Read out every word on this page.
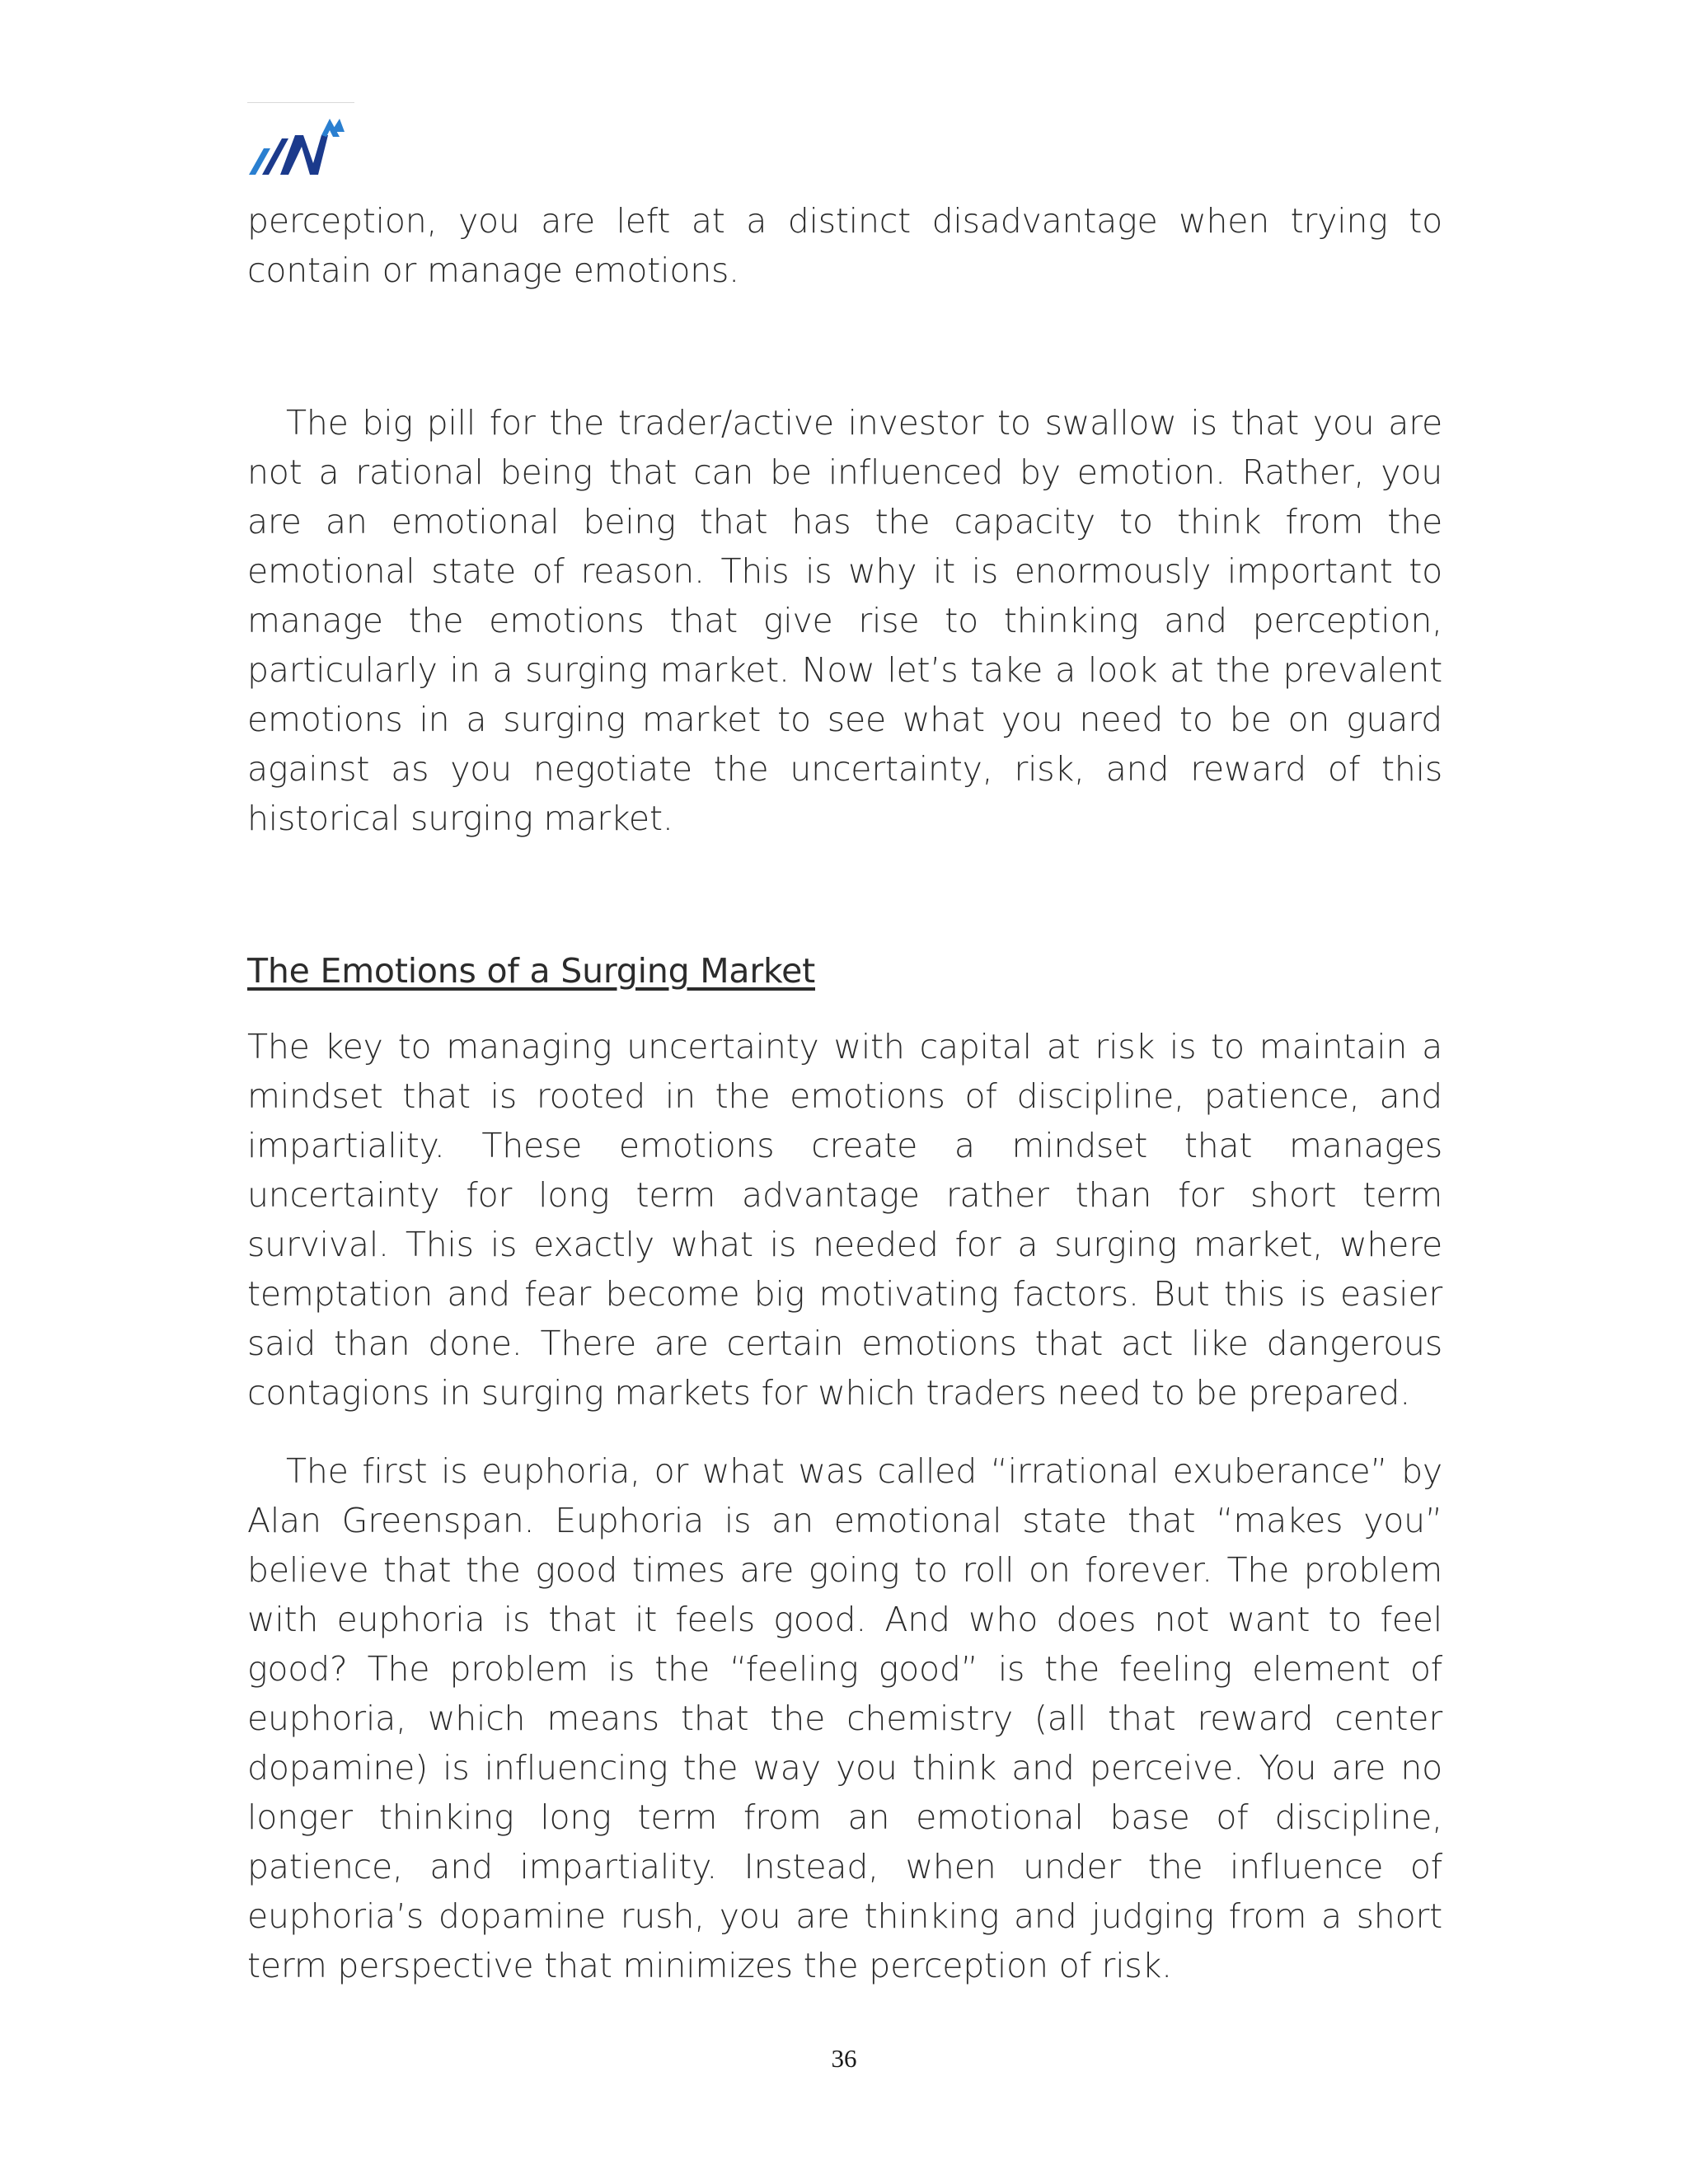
perception, you are left at a distinct disadvantage when trying to contain or manage emotions.

The big pill for the trader/active investor to swallow is that you are not a rational being that can be influenced by emotion. Rather, you are an emotional being that has the capacity to think from the emotional state of reason. This is why it is enormously important to manage the emotions that give rise to thinking and perception, particularly in a surging market. Now let’s take a look at the prevalent emotions in a surging market to see what you need to be on guard against as you negotiate the uncertainty, risk, and reward of this historical surging market.

The Emotions of a Surging Market

The key to managing uncertainty with capital at risk is to maintain a mindset that is rooted in the emotions of discipline, patience, and impartiality. These emotions create a mindset that manages uncertainty for long term advantage rather than for short term survival. This is exactly what is needed for a surging market, where temptation and fear become big motivating factors. But this is easier said than done. There are certain emotions that act like dangerous contagions in surging markets for which traders need to be prepared.

The first is euphoria, or what was called “irrational exuberance” by Alan Greenspan. Euphoria is an emotional state that “makes you” believe that the good times are going to roll on forever. The problem with euphoria is that it feels good. And who does not want to feel good? The problem is the “feeling good” is the feeling element of euphoria, which means that the chemistry (all that reward center dopamine) is influencing the way you think and perceive. You are no longer thinking long term from an emotional base of discipline, patience, and impartiality. Instead, when under the influence of euphoria’s dopamine rush, you are thinking and judging from a short term perspective that minimizes the perception of risk.

36
